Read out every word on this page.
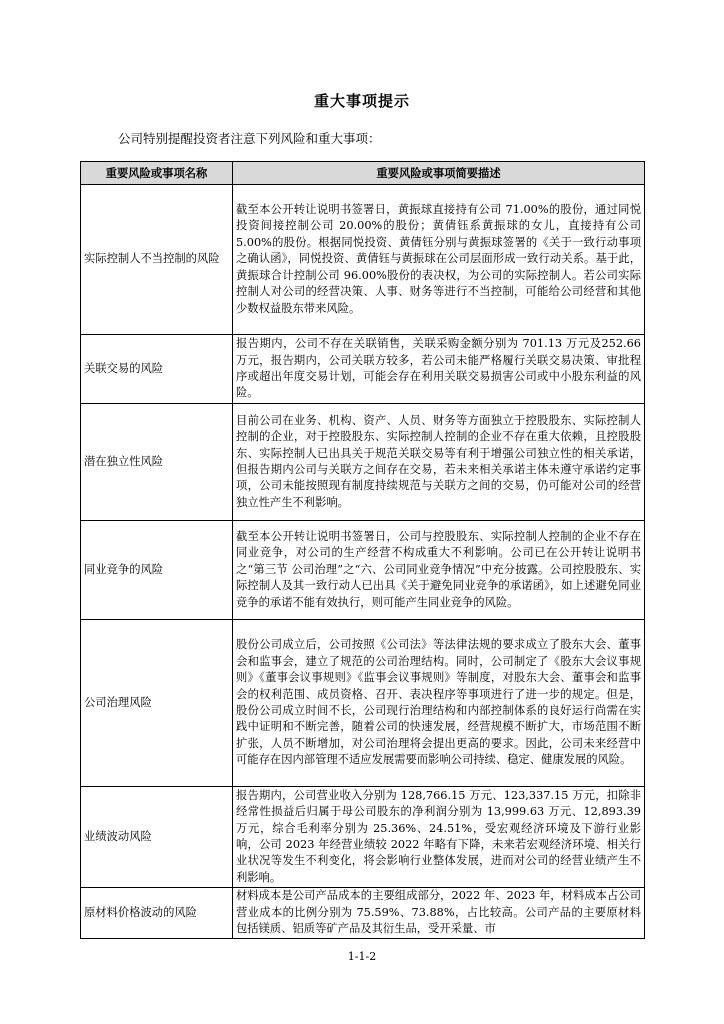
重大事项提示
公司特别提醒投资者注意下列风险和重大事项：
重要风险或事项名称	重要风险或事项简要描述
实际控制人不当控制的风险	截至本公开转让说明书签署日，黄振球直接持有公司 71.00%的股份，通过同悦投资间接控制公司 20.00%的股份；黄倩钰系黄振球的女儿，直接持有公司 5.00%的股份。根据同悦投资、黄倩钰分别与黄振球签署的《关于一致行动事项之确认函》，同悦投资、黄倩钰与黄振球在公司层面形成一致行动关系。基于此，黄振球合计控制公司 96.00%股份的表决权，为公司的实际控制人。若公司实际控制人对公司的经营决策、人事、财务等进行不当控制，可能给公司经营和其他少数权益股东带来风险。
关联交易的风险	报告期内，公司不存在关联销售，关联采购金额分别为 701.13 万元及252.66 万元，报告期内，公司关联方较多，若公司未能严格履行关联交易决策、审批程序或超出年度交易计划，可能会存在利用关联交易损害公司或中小股东利益的风险。
潜在独立性风险	目前公司在业务、机构、资产、人员、财务等方面独立于控股股东、实际控制人控制的企业，对于控股股东、实际控制人控制的企业不存在重大依赖，且控股股东、实际控制人已出具关于规范关联交易等有利于增强公司独立性的相关承诺，但报告期内公司与关联方之间存在交易，若未来相关承诺主体未遵守承诺约定事项，公司未能按照现有制度持续规范与关联方之间的交易，仍可能对公司的经营独立性产生不利影响。
同业竞争的风险	截至本公开转让说明书签署日，公司与控股股东、实际控制人控制的企业不存在同业竞争，对公司的生产经营不构成重大不利影响。公司已在公开转让说明书之“第三节 公司治理”之“六、公司同业竞争情况”中充分披露。公司控股股东、实际控制人及其一致行动人已出具《关于避免同业竞争的承诺函》，如上述避免同业竞争的承诺不能有效执行，则可能产生同业竞争的风险。
公司治理风险	股份公司成立后，公司按照《公司法》等法律法规的要求成立了股东大会、董事会和监事会，建立了规范的公司治理结构。同时，公司制定了《股东大会议事规则》《董事会议事规则》《监事会议事规则》等制度，对股东大会、董事会和监事会的权利范围、成员资格、召开、表决程序等事项进行了进一步的规定。但是，股份公司成立时间不长，公司现行治理结构和内部控制体系的良好运行尚需在实践中证明和不断完善，随着公司的快速发展，经营规模不断扩大，市场范围不断扩张，人员不断增加，对公司治理将会提出更高的要求。因此，公司未来经营中可能存在因内部管理不适应发展需要而影响公司持续、稳定、健康发展的风险。
业绩波动风险	报告期内，公司营业收入分别为 128,766.15 万元、123,337.15 万元，扣除非经常性损益后归属于母公司股东的净利润分别为 13,999.63 万元、12,893.39 万元，综合毛利率分别为 25.36%、24.51%，受宏观经济环境及下游行业影响，公司 2023 年经营业绩较 2022 年略有下降，未来若宏观经济环境、相关行业状况等发生不利变化，将会影响行业整体发展，进而对公司的经营业绩产生不利影响。
原材料价格波动的风险	材料成本是公司产品成本的主要组成部分，2022 年、2023 年，材料成本占公司营业成本的比例分别为 75.59%、73.88%，占比较高。公司产品的主要原材料包括镁质、铝质等矿产品及其衍生品，受开采量、市
1-1-2
